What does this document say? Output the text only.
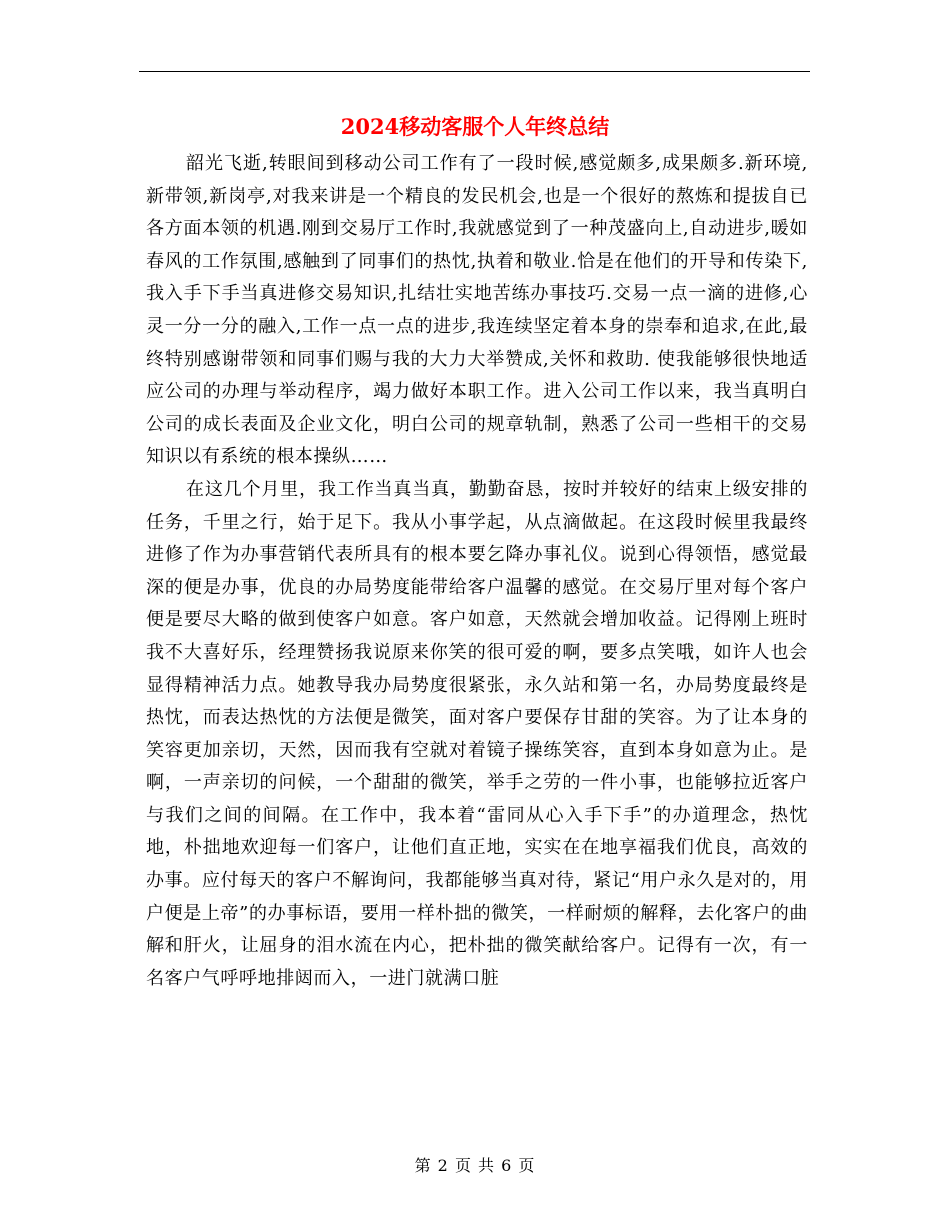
2024移动客服个人年终总结

韶光飞逝,转眼间到移动公司工作有了一段时候,感觉颇多,成果颇多.新环境,新带领,新岗亭,对我来讲是一个精良的发民机会,也是一个很好的熬炼和提拔自已各方面本领的机遇.刚到交易厅工作时,我就感觉到了一种茂盛向上,自动进步,暖如春风的工作氛围,感触到了同事们的热忱,执着和敬业.恰是在他们的开导和传染下,我入手下手当真进修交易知识,扎结壮实地苦练办事技巧.交易一点一滴的进修,心灵一分一分的融入,工作一点一点的进步,我连续坚定着本身的崇奉和追求,在此,最终特别感谢带领和同事们赐与我的大力大举赞成,关怀和救助. 使我能够很快地适应公司的办理与举动程序，竭力做好本职工作。进入公司工作以来，我当真明白公司的成长表面及企业文化，明白公司的规章轨制，熟悉了公司一些相干的交易知识以有系统的根本操纵……

在这几个月里，我工作当真当真，勤勤奋恳，按时并较好的结束上级安排的任务，千里之行，始于足下。我从小事学起，从点滴做起。在这段时候里我最终进修了作为办事营销代表所具有的根本要乞降办事礼仪。说到心得领悟，感觉最深的便是办事，优良的办局势度能带给客户温馨的感觉。在交易厅里对每个客户便是要尽大略的做到使客户如意。客户如意，天然就会增加收益。记得刚上班时我不大喜好乐，经理赞扬我说原来你笑的很可爱的啊，要多点笑哦，如许人也会显得精神活力点。她教导我办局势度很紧张，永久站和第一名，办局势度最终是热忱，而表达热忱的方法便是微笑，面对客户要保存甘甜的笑容。为了让本身的笑容更加亲切，天然，因而我有空就对着镜子操练笑容，直到本身如意为止。是啊，一声亲切的问候，一个甜甜的微笑，举手之劳的一件小事，也能够拉近客户与我们之间的间隔。在工作中，我本着“雷同从心入手下手”的办道理念，热忱地，朴拙地欢迎每一们客户，让他们直正地，实实在在地享福我们优良，高效的办事。应付每天的客户不解询问，我都能够当真对待，紧记“用户永久是对的，用户便是上帝”的办事标语，要用一样朴拙的微笑，一样耐烦的解释，去化客户的曲解和肝火，让屈身的泪水流在内心，把朴拙的微笑献给客户。记得有一次，有一名客户气呼呼地排闼而入，一进门就满口脏

第 2 页 共 6 页
